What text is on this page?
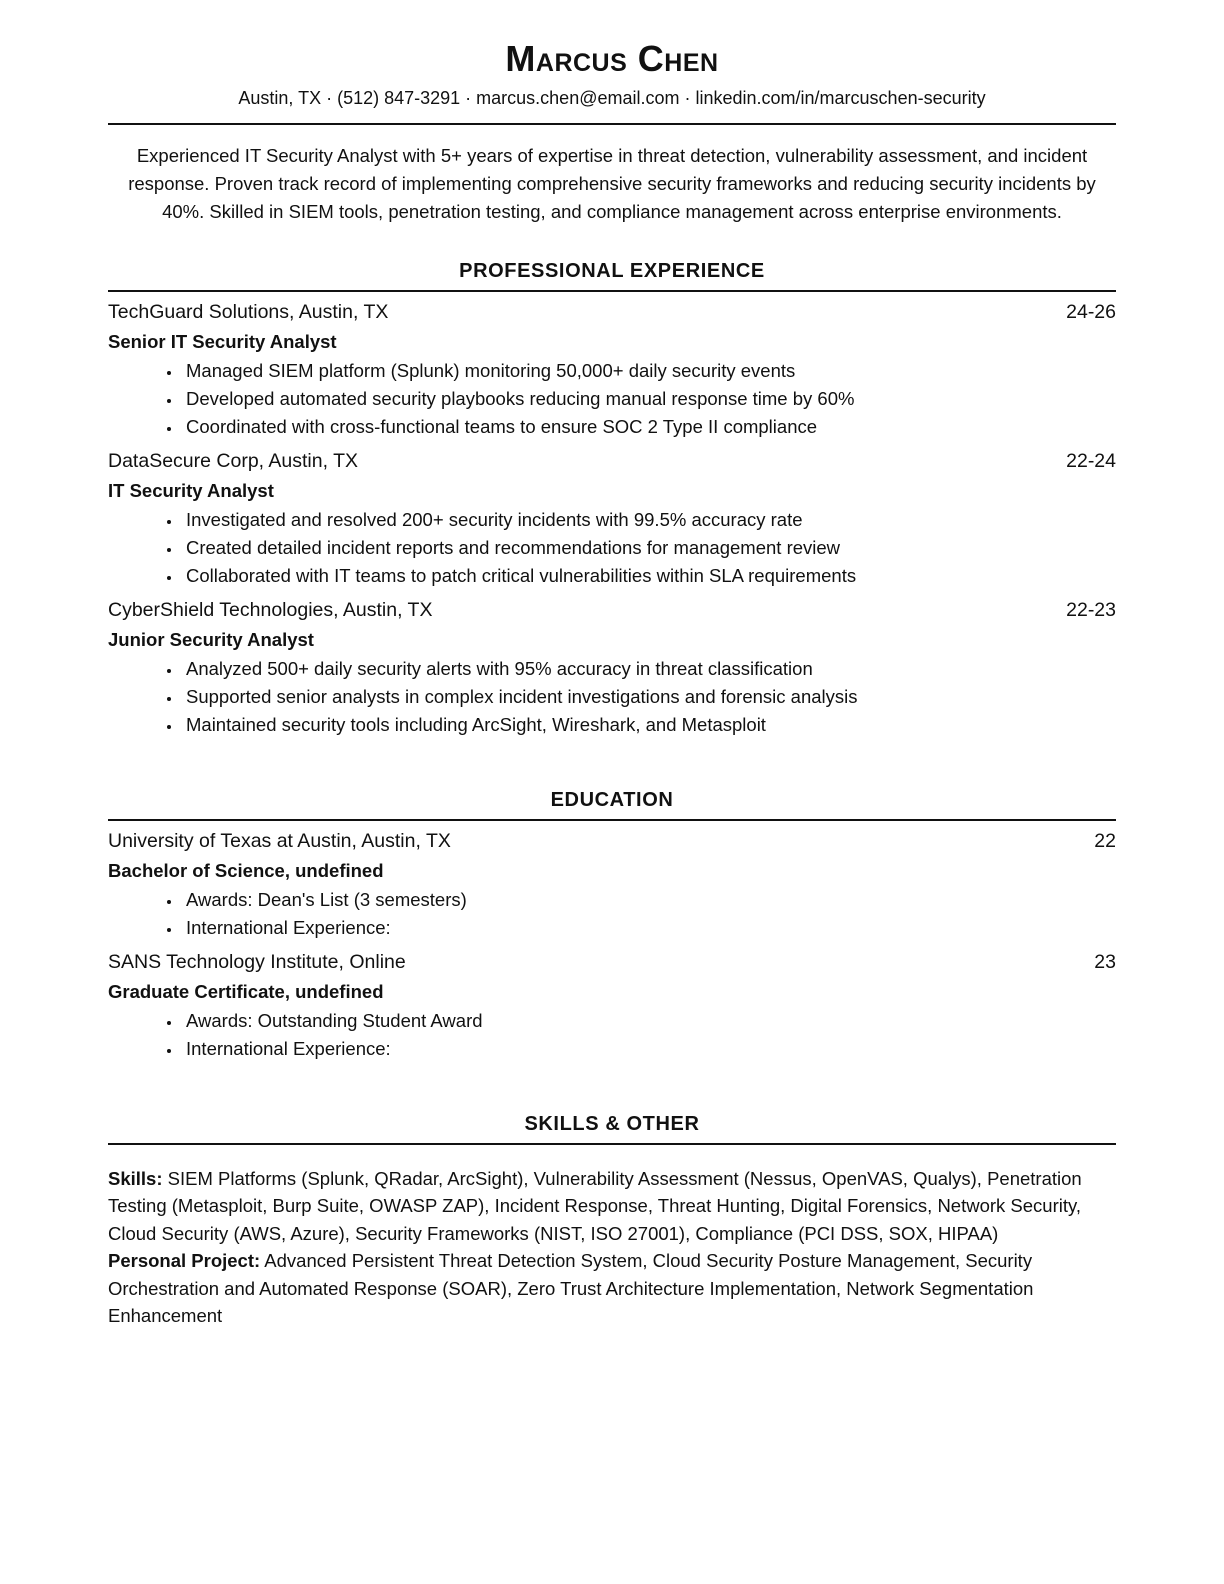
Marcus Chen
Austin, TX · (512) 847-3291 · marcus.chen@email.com · linkedin.com/in/marcuschen-security

Experienced IT Security Analyst with 5+ years of expertise in threat detection, vulnerability assessment, and incident response. Proven track record of implementing comprehensive security frameworks and reducing security incidents by 40%. Skilled in SIEM tools, penetration testing, and compliance management across enterprise environments.

PROFESSIONAL EXPERIENCE
TechGuard Solutions, Austin, TX	24-26
Senior IT Security Analyst
• Managed SIEM platform (Splunk) monitoring 50,000+ daily security events
• Developed automated security playbooks reducing manual response time by 60%
• Coordinated with cross-functional teams to ensure SOC 2 Type II compliance
DataSecure Corp, Austin, TX	22-24
IT Security Analyst
• Investigated and resolved 200+ security incidents with 99.5% accuracy rate
• Created detailed incident reports and recommendations for management review
• Collaborated with IT teams to patch critical vulnerabilities within SLA requirements
CyberShield Technologies, Austin, TX	22-23
Junior Security Analyst
• Analyzed 500+ daily security alerts with 95% accuracy in threat classification
• Supported senior analysts in complex incident investigations and forensic analysis
• Maintained security tools including ArcSight, Wireshark, and Metasploit
EDUCATION
University of Texas at Austin, Austin, TX	22
Bachelor of Science, undefined
• Awards: Dean's List (3 semesters)
• International Experience:
SANS Technology Institute, Online	23
Graduate Certificate, undefined
• Awards: Outstanding Student Award
• International Experience:
SKILLS & OTHER

Skills: SIEM Platforms (Splunk, QRadar, ArcSight), Vulnerability Assessment (Nessus, OpenVAS, Qualys), Penetration Testing (Metasploit, Burp Suite, OWASP ZAP), Incident Response, Threat Hunting, Digital Forensics, Network Security, Cloud Security (AWS, Azure), Security Frameworks (NIST, ISO 27001), Compliance (PCI DSS, SOX, HIPAA)

Personal Project: Advanced Persistent Threat Detection System, Cloud Security Posture Management, Security Orchestration and Automated Response (SOAR), Zero Trust Architecture Implementation, Network Segmentation Enhancement
